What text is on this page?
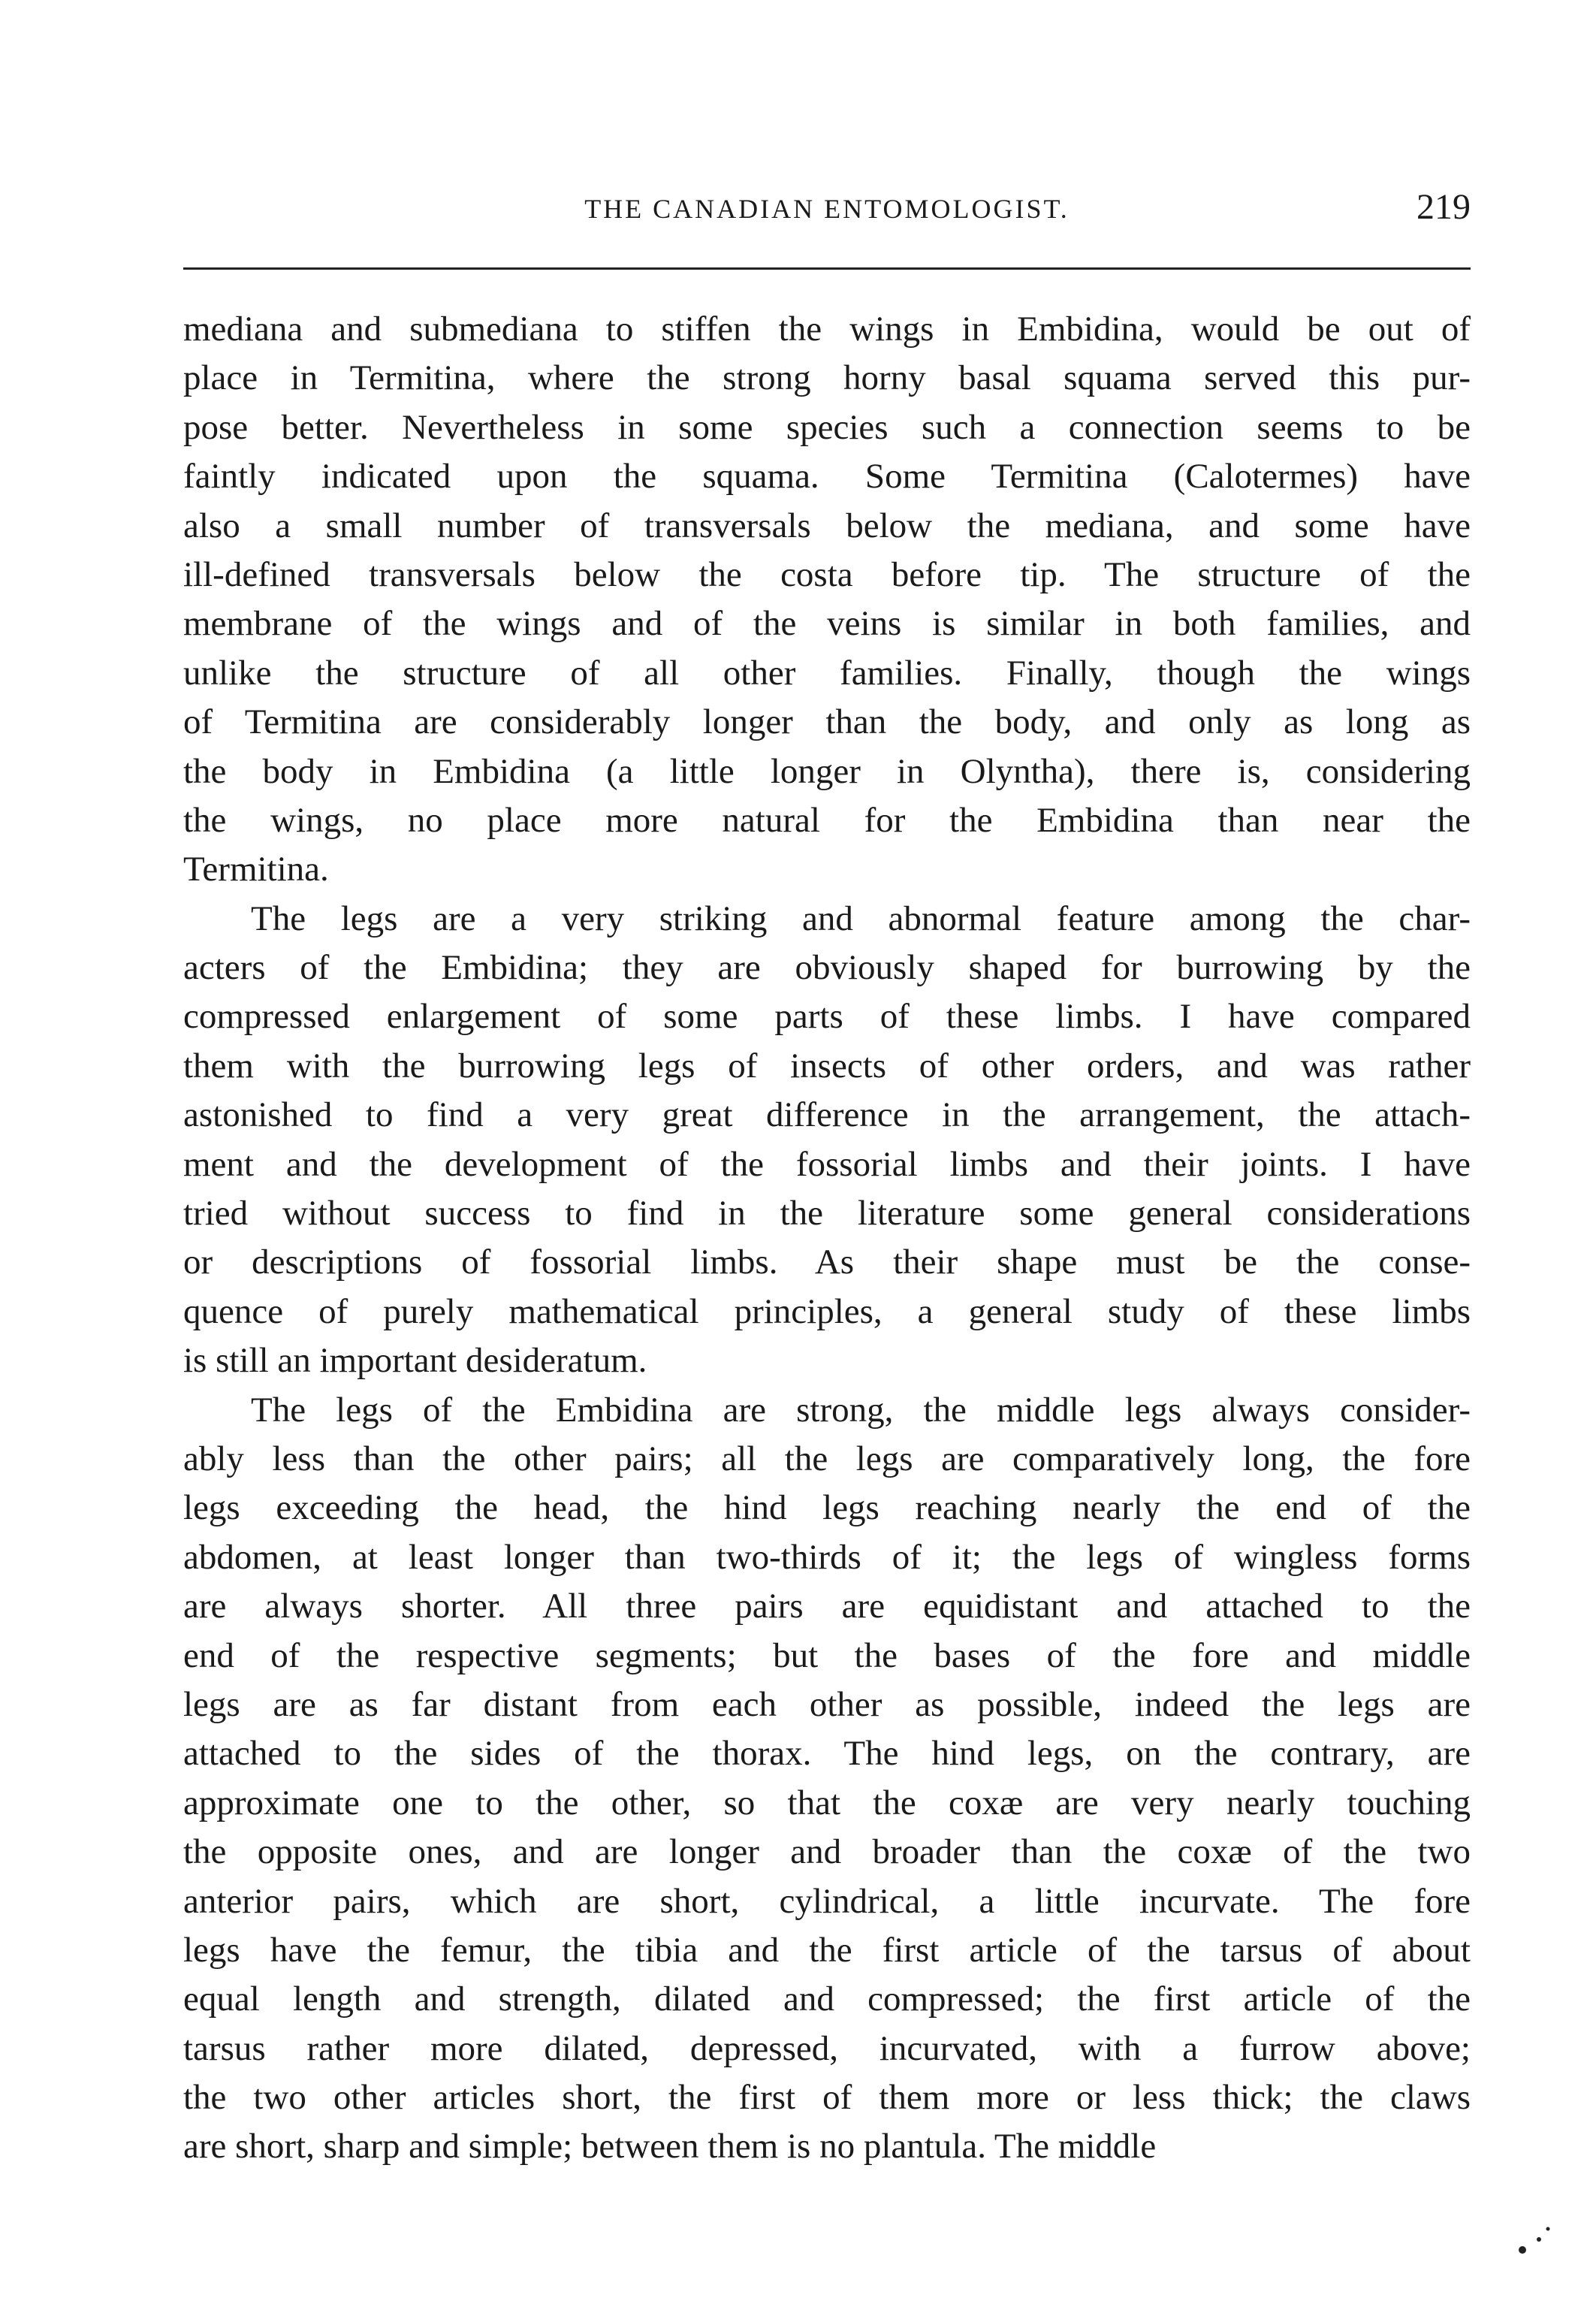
THE CANADIAN ENTOMOLOGIST.	219
mediana and submediana to stiffen the wings in Embidina, would be out of
place in Termitina, where the strong horny basal squama served this pur-
pose better. Nevertheless in some species such a connection seems to be
faintly indicated upon the squama. Some Termitina (Calotermes) have
also a small number of transversals below the mediana, and some have
ill-defined transversals below the costa before tip. The structure of the
membrane of the wings and of the veins is similar in both families, and
unlike the structure of all other families. Finally, though the wings
of Termitina are considerably longer than the body, and only as long as
the body in Embidina (a little longer in Olyntha), there is, considering
the wings, no place more natural for the Embidina than near the
Termitina.
The legs are a very striking and abnormal feature among the char-
acters of the Embidina; they are obviously shaped for burrowing by the
compressed enlargement of some parts of these limbs. I have compared
them with the burrowing legs of insects of other orders, and was rather
astonished to find a very great difference in the arrangement, the attach-
ment and the development of the fossorial limbs and their joints. I have
tried without success to find in the literature some general considerations
or descriptions of fossorial limbs. As their shape must be the conse-
quence of purely mathematical principles, a general study of these limbs
is still an important desideratum.
The legs of the Embidina are strong, the middle legs always consider-
ably less than the other pairs; all the legs are comparatively long, the fore
legs exceeding the head, the hind legs reaching nearly the end of the
abdomen, at least longer than two-thirds of it; the legs of wingless forms
are always shorter. All three pairs are equidistant and attached to the
end of the respective segments; but the bases of the fore and middle
legs are as far distant from each other as possible, indeed the legs are
attached to the sides of the thorax. The hind legs, on the contrary, are
approximate one to the other, so that the coxæ are very nearly touching
the opposite ones, and are longer and broader than the coxæ of the two
anterior pairs, which are short, cylindrical, a little incurvate. The fore
legs have the femur, the tibia and the first article of the tarsus of about
equal length and strength, dilated and compressed; the first article of the
tarsus rather more dilated, depressed, incurvated, with a furrow above;
the two other articles short, the first of them more or less thick; the claws
are short, sharp and simple; between them is no plantula. The middle
